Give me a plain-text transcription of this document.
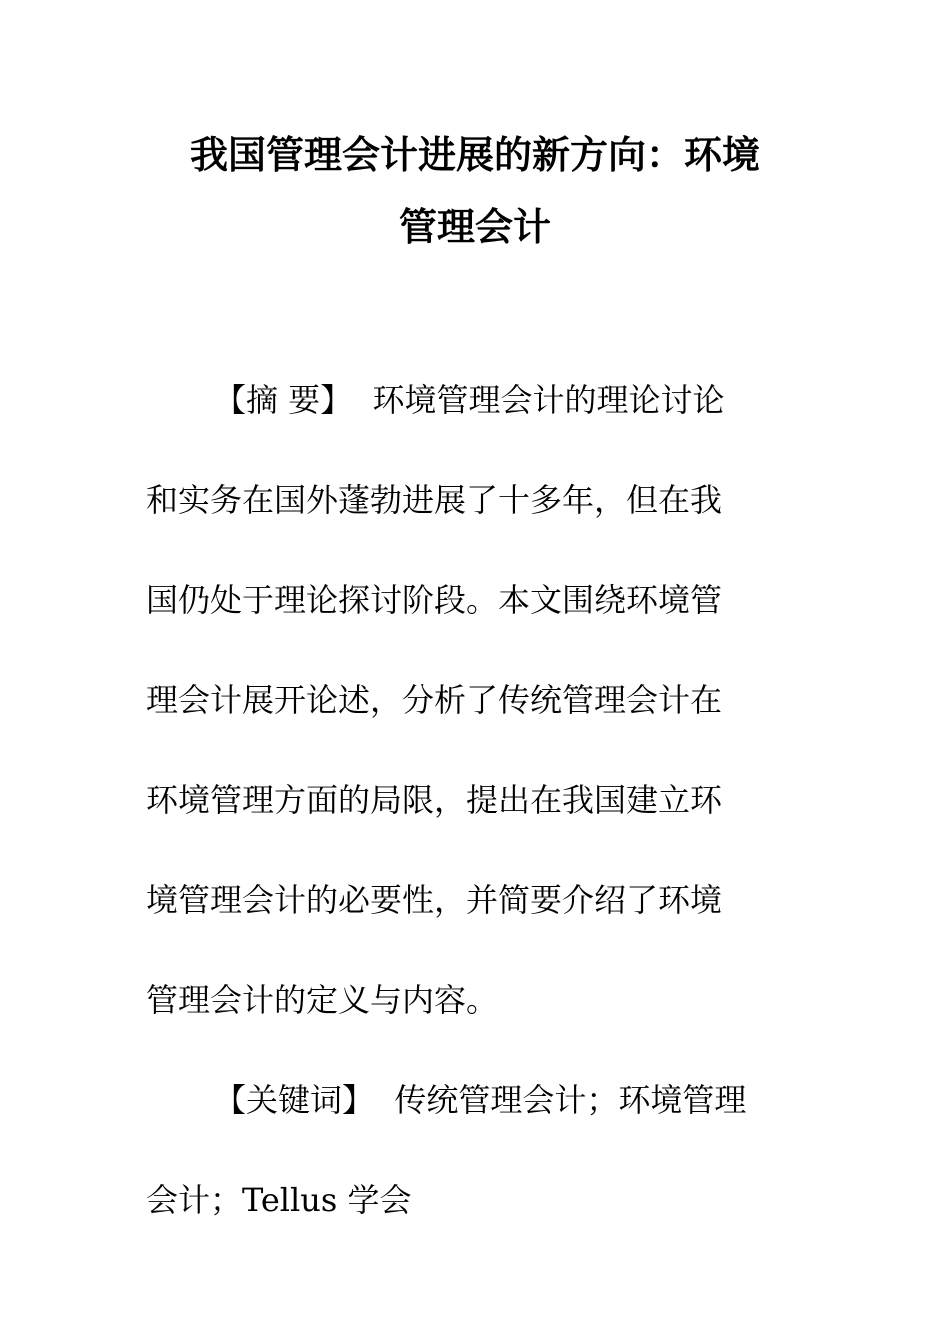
我国管理会计进展的新方向：环境
管理会计
【摘 要】 环境管理会计的理论讨论
和实务在国外蓬勃进展了十多年，但在我
国仍处于理论探讨阶段。本文围绕环境管
理会计展开论述，分析了传统管理会计在
环境管理方面的局限，提出在我国建立环
境管理会计的必要性，并简要介绍了环境
管理会计的定义与内容。
【关键词】 传统管理会计；环境管理
会计；Tellus 学会
